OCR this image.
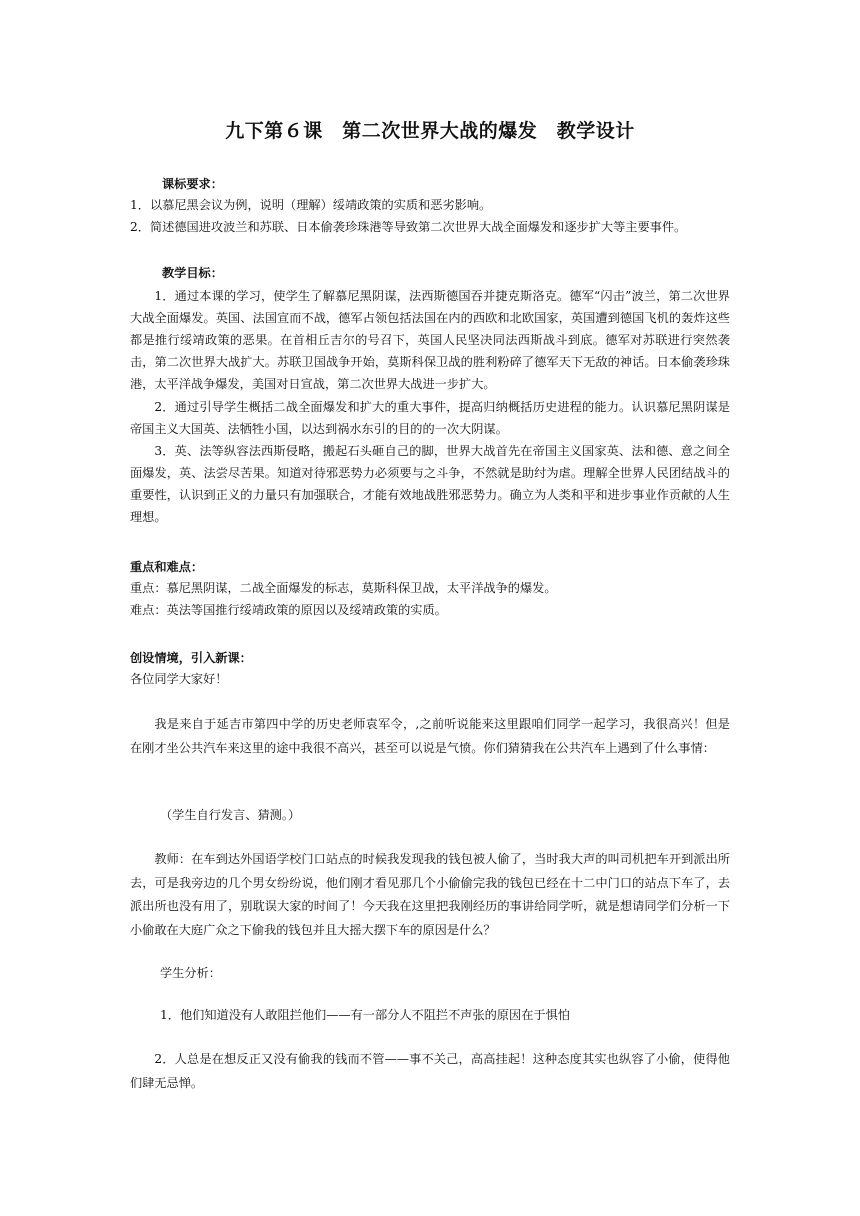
九下第６课　第二次世界大战的爆发　教学设计
课标要求：
1．以慕尼黑会议为例，说明（理解）绥靖政策的实质和恶劣影响。
2．简述德国进攻波兰和苏联、日本偷袭珍珠港等导致第二次世界大战全面爆发和逐步扩大等主要事件。
教学目标：
1．通过本课的学习，使学生了解慕尼黑阴谋，法西斯德国吞并捷克斯洛克。德军“闪击”波兰，第二次世界大战全面爆发。英国、法国宣而不战，德军占领包括法国在内的西欧和北欧国家，英国遭到德国飞机的轰炸这些都是推行绥靖政策的恶果。在首相丘吉尔的号召下，英国人民坚决同法西斯战斗到底。德军对苏联进行突然袭击，第二次世界大战扩大。苏联卫国战争开始，莫斯科保卫战的胜利粉碎了德军天下无敌的神话。日本偷袭珍珠港，太平洋战争爆发，美国对日宣战，第二次世界大战进一步扩大。
2．通过引导学生概括二战全面爆发和扩大的重大事件，提高归纳概括历史进程的能力。认识慕尼黑阴谋是帝国主义大国英、法牺牲小国，以达到祸水东引的目的的一次大阴谋。
3．英、法等纵容法西斯侵略，搬起石头砸自己的脚，世界大战首先在帝国主义国家英、法和德、意之间全面爆发，英、法尝尽苦果。知道对待邪恶势力必须要与之斗争，不然就是助纣为虐。理解全世界人民团结战斗的重要性，认识到正义的力量只有加强联合，才能有效地战胜邪恶势力。确立为人类和平和进步事业作贡献的人生理想。
重点和难点：
重点：慕尼黑阴谋，二战全面爆发的标志，莫斯科保卫战，太平洋战争的爆发。
难点：英法等国推行绥靖政策的原因以及绥靖政策的实质。
创设情境，引入新课：
各位同学大家好！
我是来自于延吉市第四中学的历史老师袁军令，,之前听说能来这里跟咱们同学一起学习，我很高兴！但是在刚才坐公共汽车来这里的途中我很不高兴，甚至可以说是气愤。你们猜猜我在公共汽车上遇到了什么事情：
（学生自行发言、猜测。）
教师：在车到达外国语学校门口站点的时候我发现我的钱包被人偷了，当时我大声的叫司机把车开到派出所去，可是我旁边的几个男女纷纷说，他们刚才看见那几个小偷偷完我的钱包已经在十二中门口的站点下车了，去派出所也没有用了，别耽误大家的时间了！今天我在这里把我刚经历的事讲给同学听，就是想请同学们分析一下小偷敢在大庭广众之下偷我的钱包并且大摇大摆下车的原因是什么？
学生分析：
1．他们知道没有人敢阻拦他们——有一部分人不阻拦不声张的原因在于惧怕
2．人总是在想反正又没有偷我的钱而不管——事不关己，高高挂起！这种态度其实也纵容了小偷，使得他们肆无忌惮。
